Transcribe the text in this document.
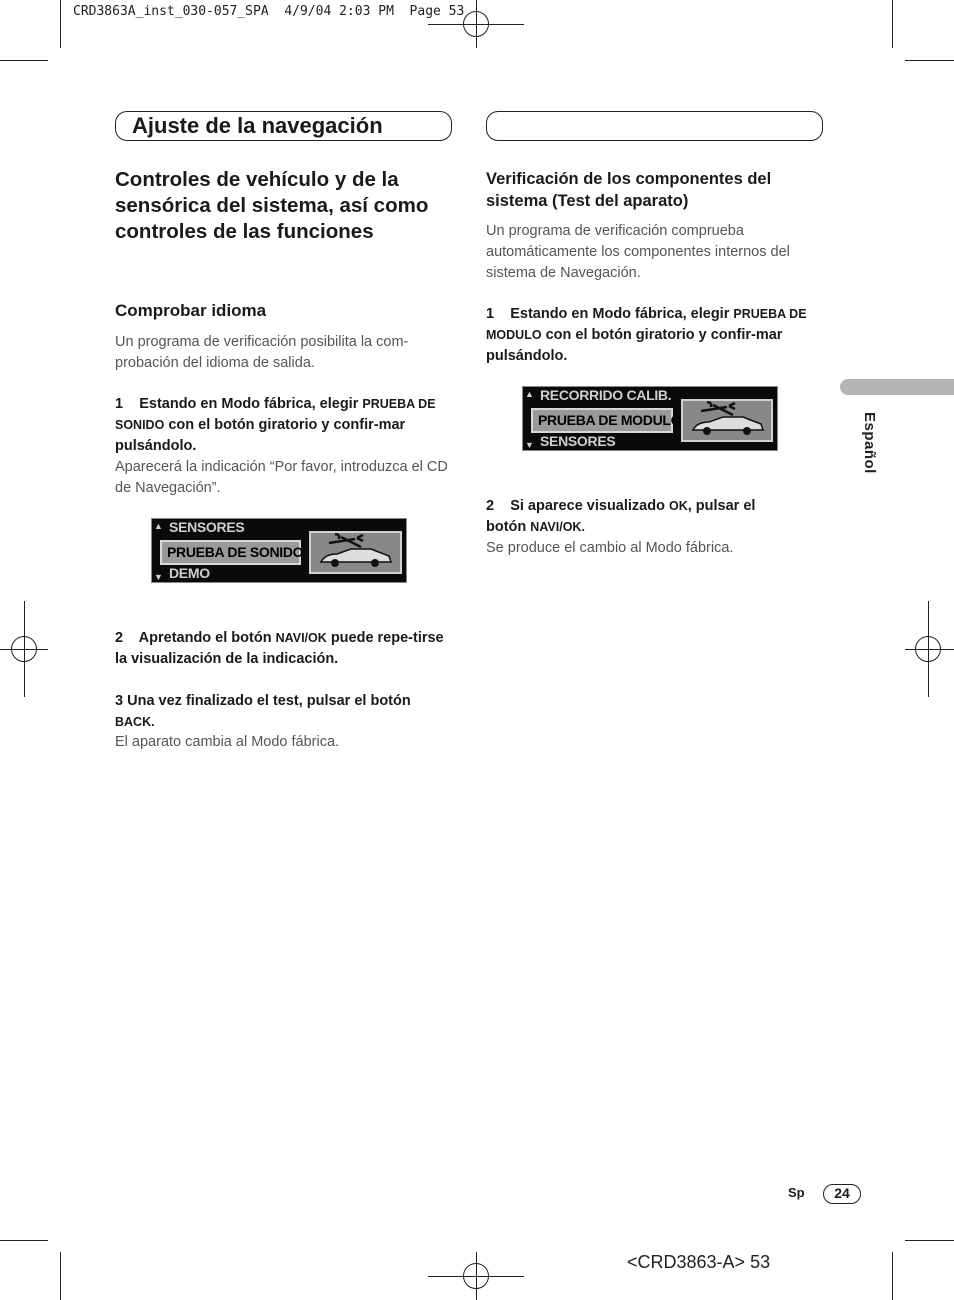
CRD3863A_inst_030-057_SPA  4/9/04 2:03 PM  Page 53
Ajuste de la navegación
Controles de vehículo y de la sensórica del sistema, así como controles de las funciones
Comprobar idioma
Un programa de verificación posibilita la com-probación del idioma de salida.
1 Estando en Modo fábrica, elegir PRUEBA DE SONIDO con el botón giratorio y confir-mar pulsándolo.
Aparecerá la indicación “Por favor, introduzca el CD de Navegación”.
▲ SENSORES
PRUEBA DE SONIDO
▼ DEMO
2 Apretando el botón NAVI/OK puede repe-tirse la visualización de la indicación.
3 Una vez finalizado el test, pulsar el botón BACK.
El aparato cambia al Modo fábrica.
Verificación de los componentes del sistema (Test del aparato)
Un programa de verificación comprueba automáticamente los componentes internos del sistema de Navegación.
1 Estando en Modo fábrica, elegir PRUEBA DE MODULO con el botón giratorio y confir-mar pulsándolo.
▲ RECORRIDO CALIB.
PRUEBA DE MODULO
▼ SENSORES
2 Si aparece visualizado OK, pulsar el botón NAVI/OK.
Se produce el cambio al Modo fábrica.
Español
Sp	24
<CRD3863-A> 53
